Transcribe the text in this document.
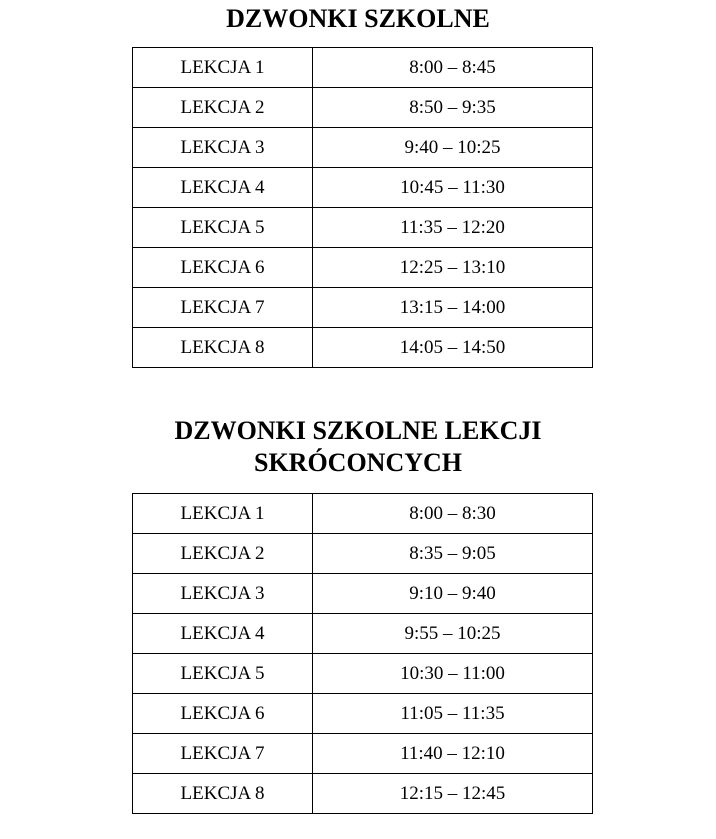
DZWONKI SZKOLNE
LEKCJA 1	8:00 – 8:45
LEKCJA 2	8:50 – 9:35
LEKCJA 3	9:40 – 10:25
LEKCJA 4	10:45 – 11:30
LEKCJA 5	11:35 – 12:20
LEKCJA 6	12:25 – 13:10
LEKCJA 7	13:15 – 14:00
LEKCJA 8	14:05 – 14:50
DZWONKI SZKOLNE LEKCJI
SKRÓCONCYCH
LEKCJA 1	8:00 – 8:30
LEKCJA 2	8:35 – 9:05
LEKCJA 3	9:10 – 9:40
LEKCJA 4	9:55 – 10:25
LEKCJA 5	10:30 – 11:00
LEKCJA 6	11:05 – 11:35
LEKCJA 7	11:40 – 12:10
LEKCJA 8	12:15 – 12:45
